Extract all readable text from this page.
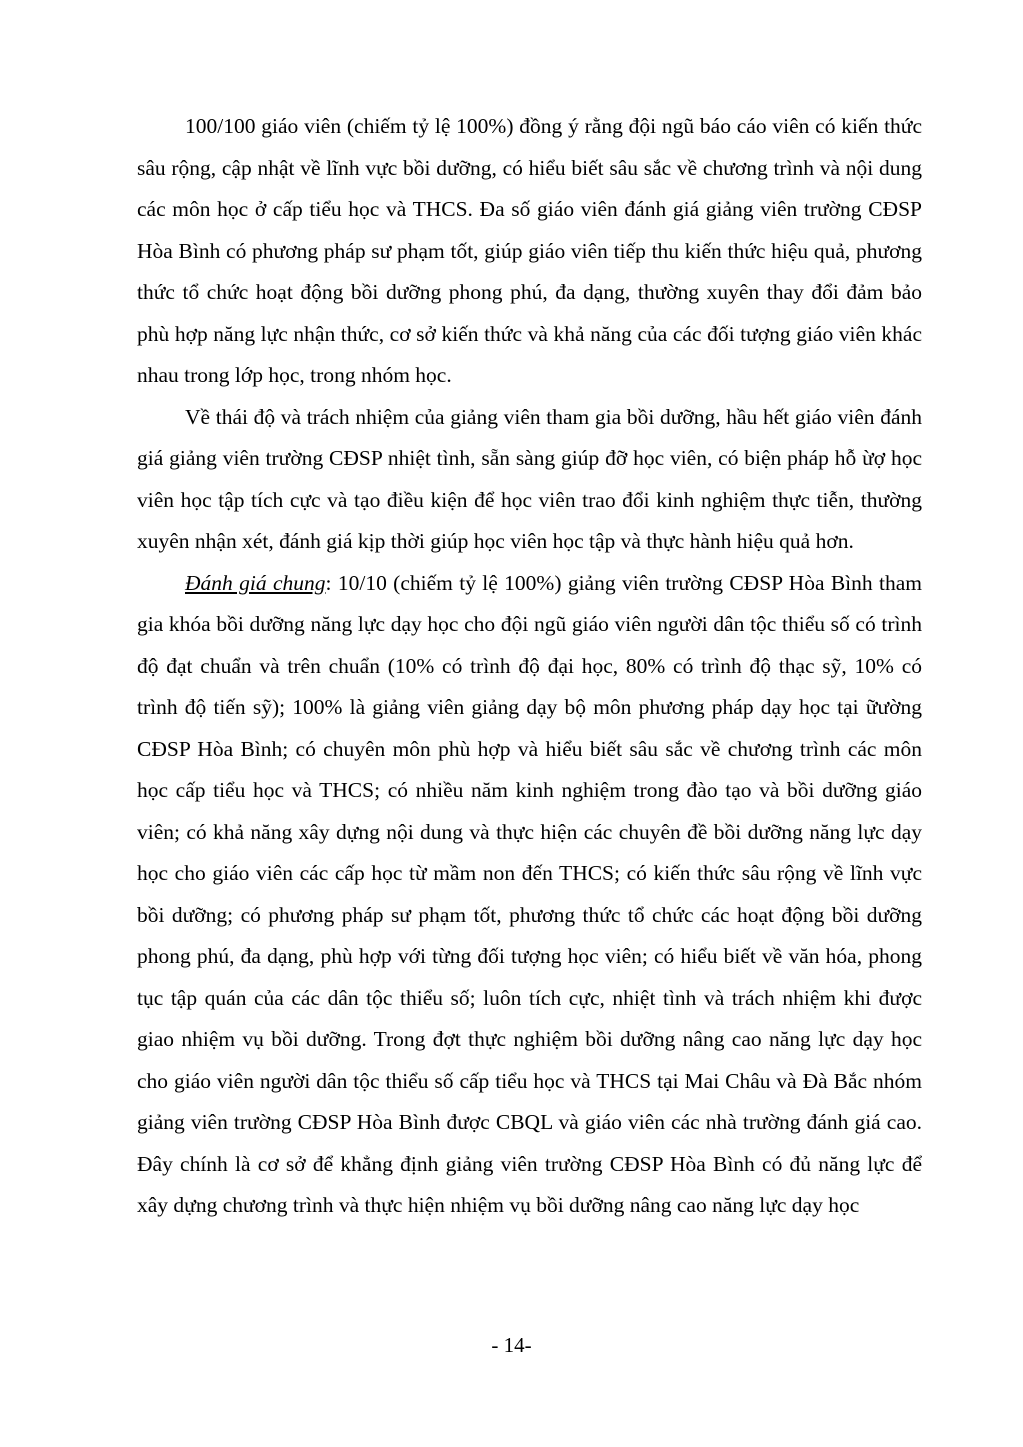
100/100 giáo viên (chiếm tỷ lệ 100%) đồng ý rằng đội ngũ báo cáo viên có kiến thức sâu rộng, cập nhật về lĩnh vực bồi dưỡng, có hiểu biết sâu sắc về chương trình và nội dung các môn học ở cấp tiểu học và THCS. Đa số giáo viên đánh giá giảng viên trường CĐSP Hòa Bình có phương pháp sư phạm tốt, giúp giáo viên tiếp thu kiến thức hiệu quả, phương thức tổ chức hoạt động bồi dưỡng phong phú, đa dạng, thường xuyên thay đổi đảm bảo phù hợp năng lực nhận thức, cơ sở kiến thức và khả năng của các đối tượng giáo viên khác nhau trong lớp học, trong nhóm học.

Về thái độ và trách nhiệm của giảng viên tham gia bồi dưỡng, hầu hết giáo viên đánh giá giảng viên trường CĐSP nhiệt tình, sẵn sàng giúp đỡ học viên, có biện pháp hỗ ừợ học viên học tập tích cực và tạo điều kiện để học viên trao đổi kinh nghiệm thực tiễn, thường xuyên nhận xét, đánh giá kịp thời giúp học viên học tập và thực hành hiệu quả hơn.

Đánh giá chung: 10/10 (chiếm tỷ lệ 100%) giảng viên trường CĐSP Hòa Bình tham gia khóa bồi dưỡng năng lực dạy học cho đội ngũ giáo viên người dân tộc thiểu số có trình độ đạt chuẩn và trên chuẩn (10% có trình độ đại học, 80% có trình độ thạc sỹ, 10% có trình độ tiến sỹ); 100% là giảng viên giảng dạy bộ môn phương pháp dạy học tại ữường CĐSP Hòa Bình; có chuyên môn phù hợp và hiểu biết sâu sắc về chương trình các môn học cấp tiểu học và THCS; có nhiều năm kinh nghiệm trong đào tạo và bồi dưỡng giáo viên; có khả năng xây dựng nội dung và thực hiện các chuyên đề bồi dưỡng năng lực dạy học cho giáo viên các cấp học từ mầm non đến THCS; có kiến thức sâu rộng về lĩnh vực bồi dưỡng; có phương pháp sư phạm tốt, phương thức tổ chức các hoạt động bồi dưỡng phong phú, đa dạng, phù hợp với từng đối tượng học viên; có hiểu biết về văn hóa, phong tục tập quán của các dân tộc thiểu số; luôn tích cực, nhiệt tình và trách nhiệm khi được giao nhiệm vụ bồi dưỡng. Trong đợt thực nghiệm bồi dưỡng nâng cao năng lực dạy học cho giáo viên người dân tộc thiểu số cấp tiểu học và THCS tại Mai Châu và Đà Bắc nhóm giảng viên trường CĐSP Hòa Bình được CBQL và giáo viên các nhà trường đánh giá cao. Đây chính là cơ sở để khẳng định giảng viên trường CĐSP Hòa Bình có đủ năng lực để xây dựng chương trình và thực hiện nhiệm vụ bồi dưỡng nâng cao năng lực dạy học

- 14-
